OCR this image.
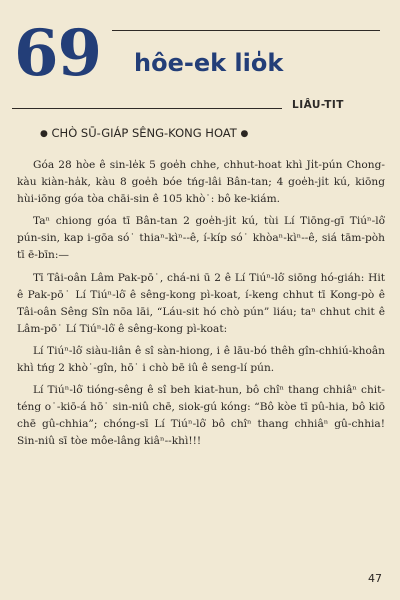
69 hôe-ek lio̍k
LIÂU-TIT
● CHÒ SŪ-GIÁP SÊNG-KONG HOAT ●

Góa 28 hòe ê sin-le̍k 5 goe̍h chhe, chhut-hoat khì Ji̍t-pún Chong-kàu kiàn-ha̍k, kàu 8 goe̍h bóe tńg-lâi Bân-tan; 4 goe̍h-ji̍t kú, kiōng hùi-iōng góa tòa chāi-sin ê 105 khò˙: bô ke-kiám.

Taⁿ chiong góa tī Bân-tan 2 goe̍h-ji̍t kú, tùi Lí Tiōng-gī Tiúⁿ-lô͘ pún-sin, kap i-gōa só˙ thiaⁿ-kìⁿ--ê, í-kíp só˙ khòaⁿ-kìⁿ--ê, siá tām-pòh tī ē-bīn:—

Tī Tâi-oân Lâm Pak-pō˙, chá-ni ū 2 ê Lí Tiúⁿ-lô͘ siōng hó-giáh: Hit ê Pak-pō˙ Lí Tiúⁿ-lô͘ ê sêng-kong pì-koat, í-keng chhut tī Kong-pò ê Tâi-oân Sêng Sîn nōa lāi, “Láu-sit hó chò pún” liáu; taⁿ chhut chit ê Lâm-pō˙ Lí Tiúⁿ-lô͘ ê sêng-kong pì-koat:

Lí Tiúⁿ-lô͘ siàu-liân ê sî sàn-hiong, i ê lāu-bó thêh gîn-chhiú-khoân khì tńg 2 khò˙-gîn, hō˙ i chò bē iû ê seng-lí pún.

Lí Tiúⁿ-lô͘ tióng-sêng ê sî beh kiat-hun, bô chîⁿ thang chhiâⁿ chit-téng o˙-kiō-á hō˙ sin-niû chē, siok-gú kóng: “Bô kòe tī pû-hia, bô kiō chē gû-chhia”; chóng-sī Lí Tiúⁿ-lô͘ bô chîⁿ thang chhiâⁿ gû-chhia! Sin-niû sī tòe môe-lâng kiâⁿ--khì!!!

47
